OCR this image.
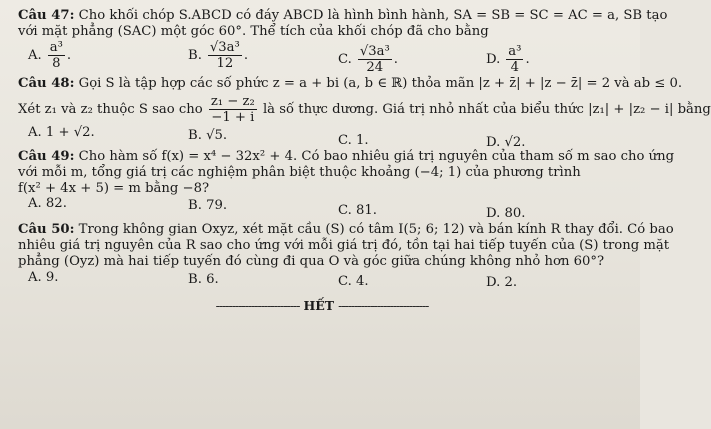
Câu 47: Cho khối chóp S.ABCD có đáy ABCD là hình bình hành, SA = SB = SC = AC = a, SB tạo

với mặt phẳng (SAC) một góc 60°. Thể tích của khối chóp đã cho bằng

A. $\frac{\text{a³}}{8}$ .	B. $\frac{\text{√3a³}}{12}$ .	C. $\frac{\text{√3a³}}{24}$ .	D. $\frac{\text{a³}}{4}$ .

Câu 48: Gọi S là tập hợp các số phức z = a + bi (a, b ∈ ℝ) thỏa mãn |z + z̄| + |z − z̄| = 2 và ab ≤ 0.

Xét z₁ và z₂ thuộc S sao cho $\frac{\text{z₁ − z₂}}{-1 + i}$ là số thực dương. Giá trị nhỏ nhất của biểu thức |z₁| + |z₂ − i| bằng

A. 1 + √2.	B. √5.	C. 1.	D. √2.

Câu 49: Cho hàm số f(x) = x⁴ − 32x² + 4. Có bao nhiêu giá trị nguyên của tham số m sao cho ứng

với mỗi m, tổng giá trị các nghiệm phân biệt thuộc khoảng (−4; 1) của phương trình

f(x² + 4x + 5) = m bằng −8?

A. 82.	B. 79.	C. 81.	D. 80.

Câu 50: Trong không gian Oxyz, xét mặt cầu (S) có tâm I(5; 6; 12) và bán kính R thay đổi. Có bao

nhiêu giá trị nguyên của R sao cho ứng với mỗi giá trị đó, tồn tại hai tiếp tuyến của (S) trong mặt

phẳng (Oyz) mà hai tiếp tuyến đó cùng đi qua O và góc giữa chúng không nhỏ hơn 60°?

A. 9.	B. 6.	C. 4.	D. 2.
-------------------------- HẾT ----------------------------
